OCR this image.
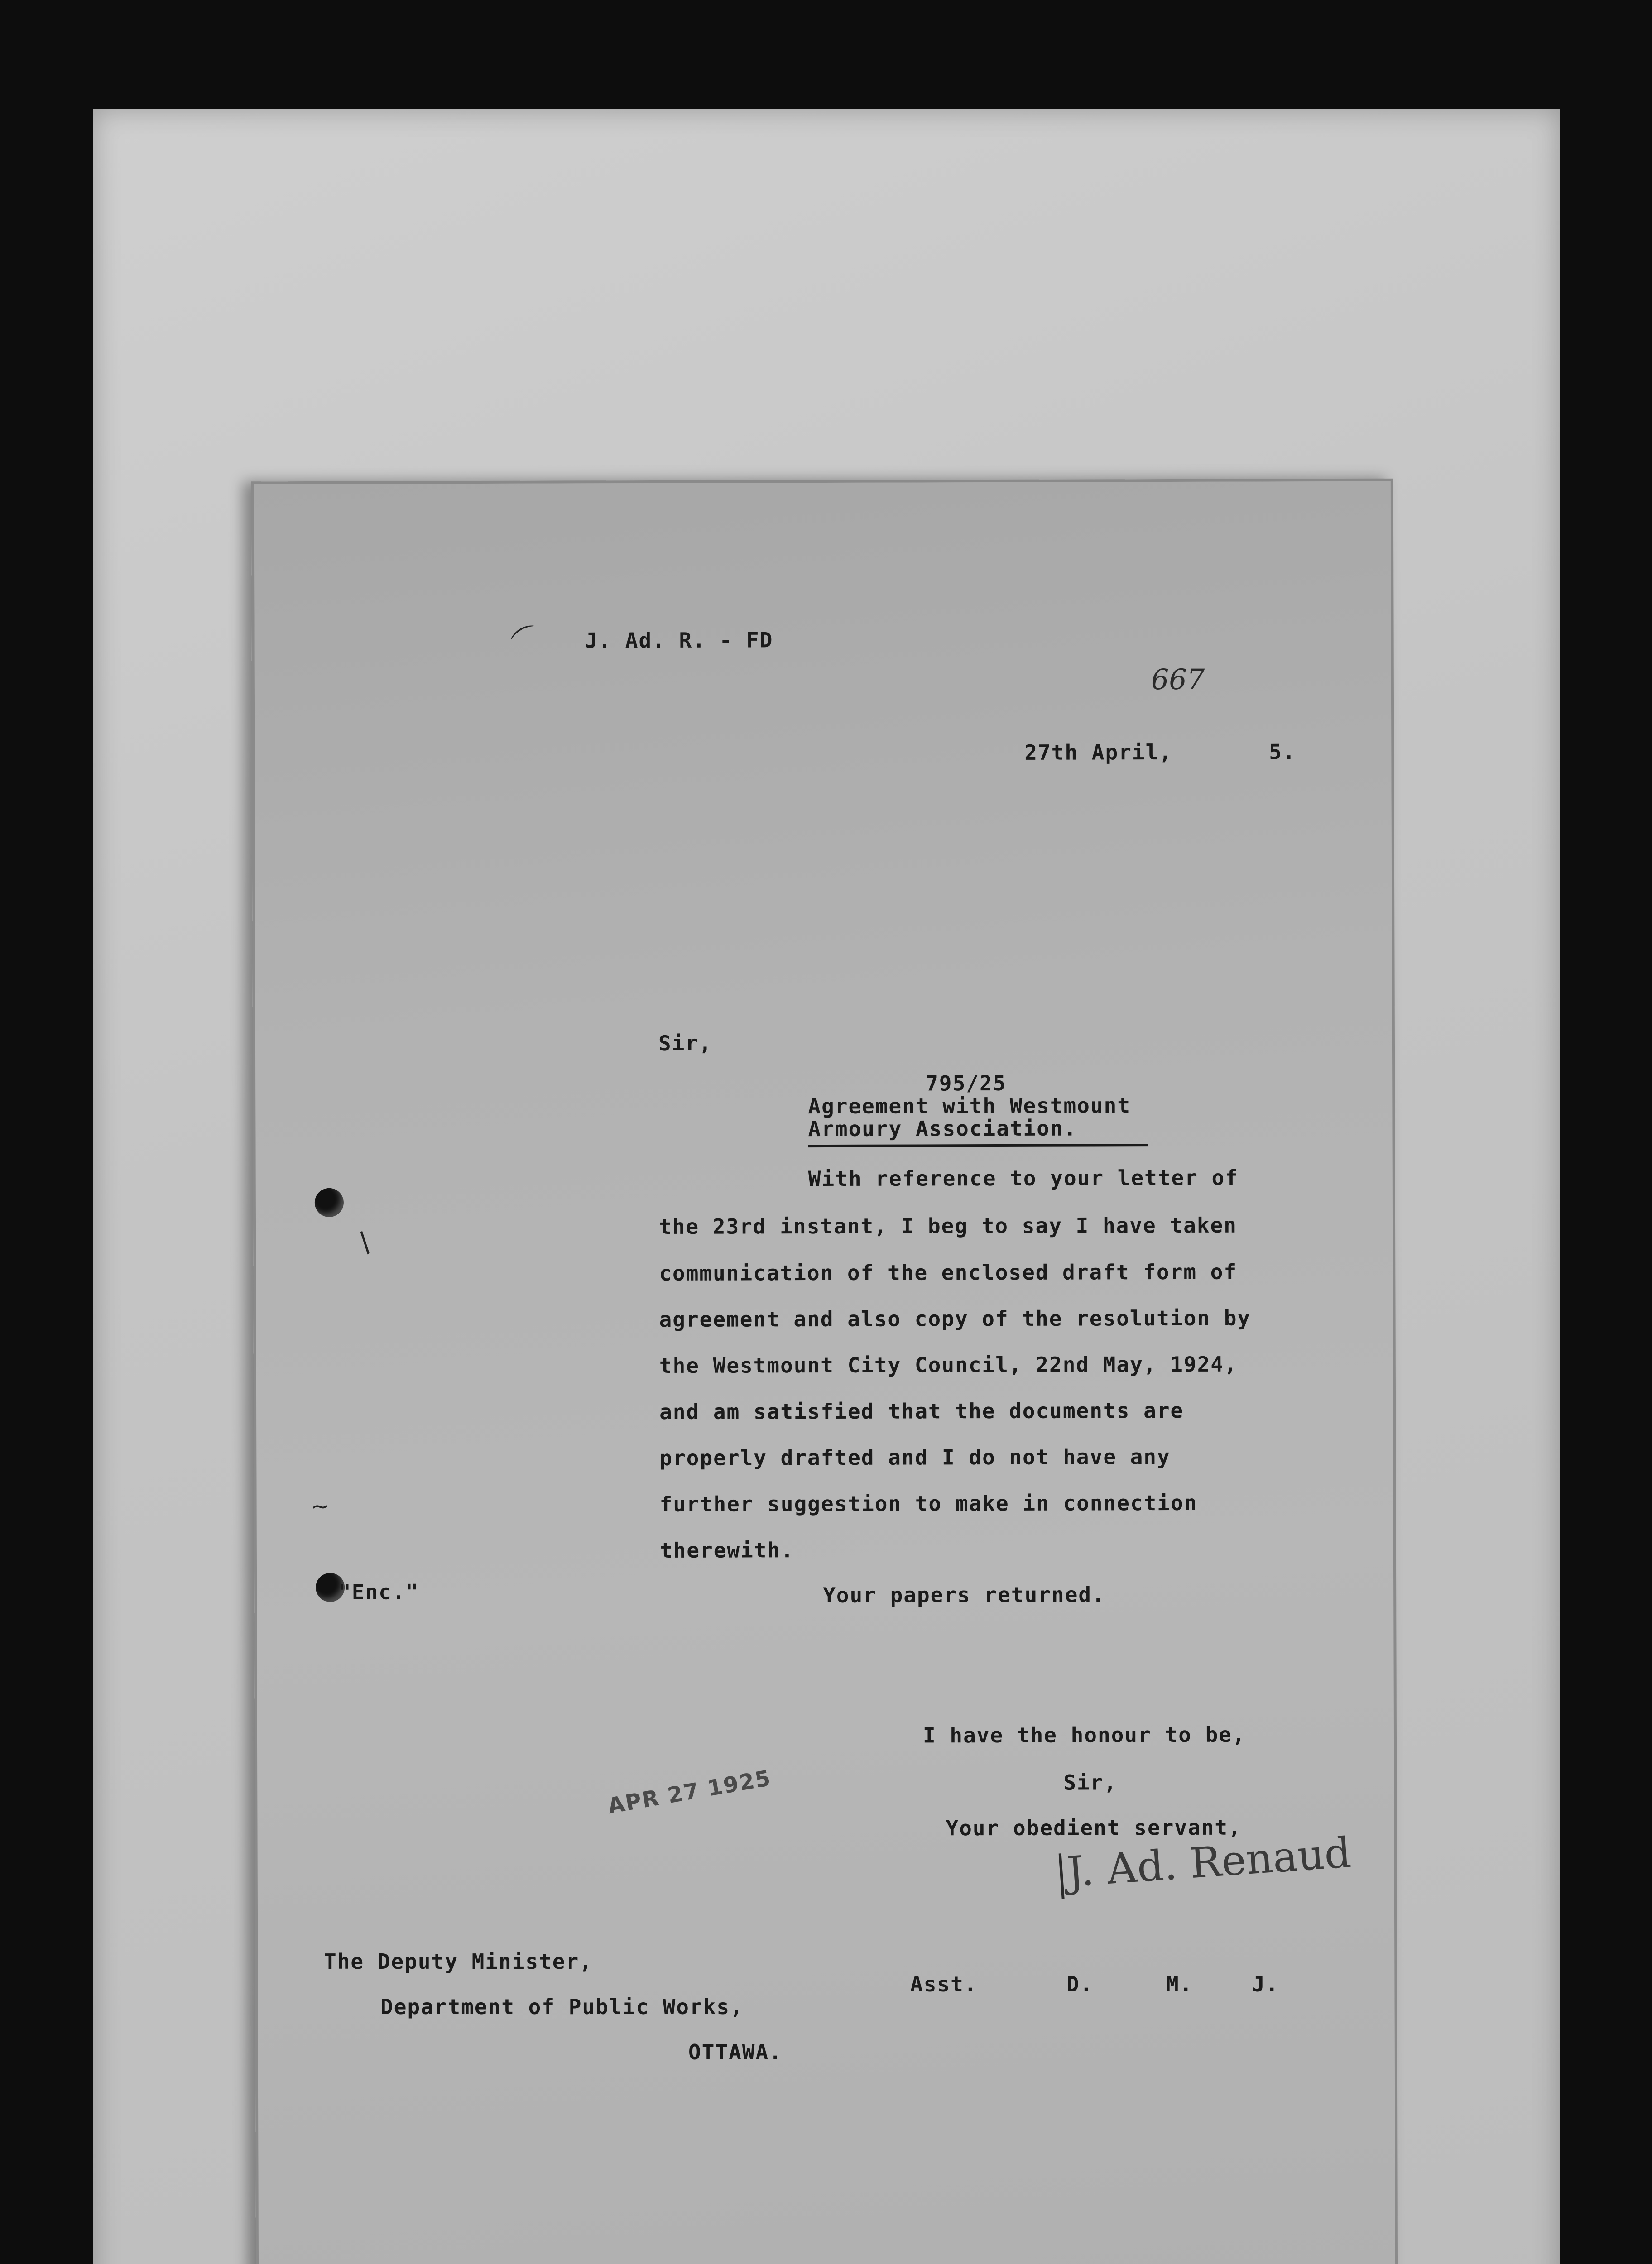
⌒ J. Ad. R. - FD
667
27th April,	5.
Sir,
795/25
Agreement with Westmount
Armoury Association.
With reference to your letter of
the 23rd instant, I beg to say I have taken
communication of the enclosed draft form of
agreement and also copy of the resolution by
the Westmount City Council, 22nd May, 1924,
and am satisfied that the documents are
properly drafted and I do not have any
further suggestion to make in connection
therewith.
/
~
"Enc."	Your papers returned.
I have the honour to be,
Sir,
Your obedient servant,
APR 27 1925
J. Ad. Renaud
The Deputy Minister,
Department of Public Works,
OTTAWA.
Asst.	D.	M.	J.
